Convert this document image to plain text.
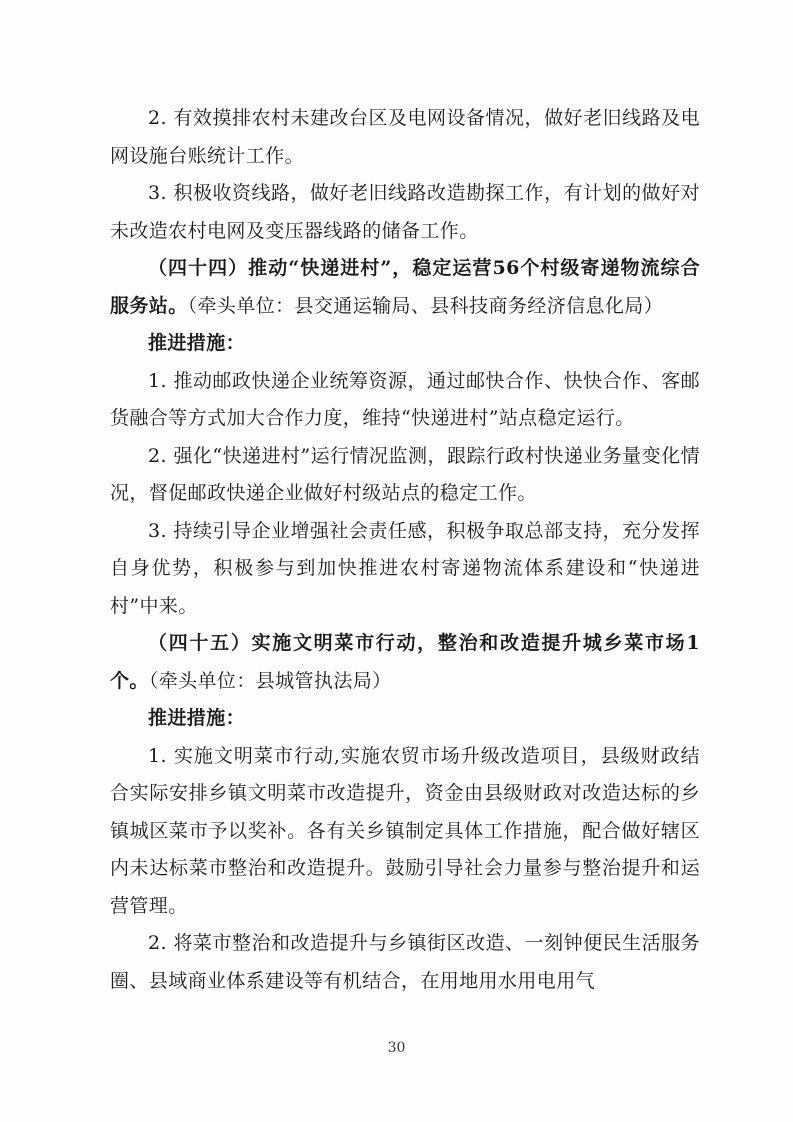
2. 有效摸排农村未建改台区及电网设备情况，做好老旧线路及电网设施台账统计工作。

3. 积极收资线路，做好老旧线路改造勘探工作，有计划的做好对未改造农村电网及变压器线路的储备工作。

（四十四）推动“快递进村”，稳定运营56个村级寄递物流综合服务站。（牵头单位：县交通运输局、县科技商务经济信息化局）

推进措施：

1. 推动邮政快递企业统筹资源，通过邮快合作、快快合作、客邮货融合等方式加大合作力度，维持“快递进村”站点稳定运行。

2. 强化“快递进村”运行情况监测，跟踪行政村快递业务量变化情况，督促邮政快递企业做好村级站点的稳定工作。

3. 持续引导企业增强社会责任感，积极争取总部支持，充分发挥自身优势，积极参与到加快推进农村寄递物流体系建设和“快递进村”中来。

（四十五）实施文明菜市行动，整治和改造提升城乡菜市场1个。（牵头单位：县城管执法局）

推进措施：

1. 实施文明菜市行动,实施农贸市场升级改造项目，县级财政结合实际安排乡镇文明菜市改造提升，资金由县级财政对改造达标的乡镇城区菜市予以奖补。各有关乡镇制定具体工作措施，配合做好辖区内未达标菜市整治和改造提升。鼓励引导社会力量参与整治提升和运营管理。

2. 将菜市整治和改造提升与乡镇街区改造、一刻钟便民生活服务圈、县域商业体系建设等有机结合，在用地用水用电用气

30
